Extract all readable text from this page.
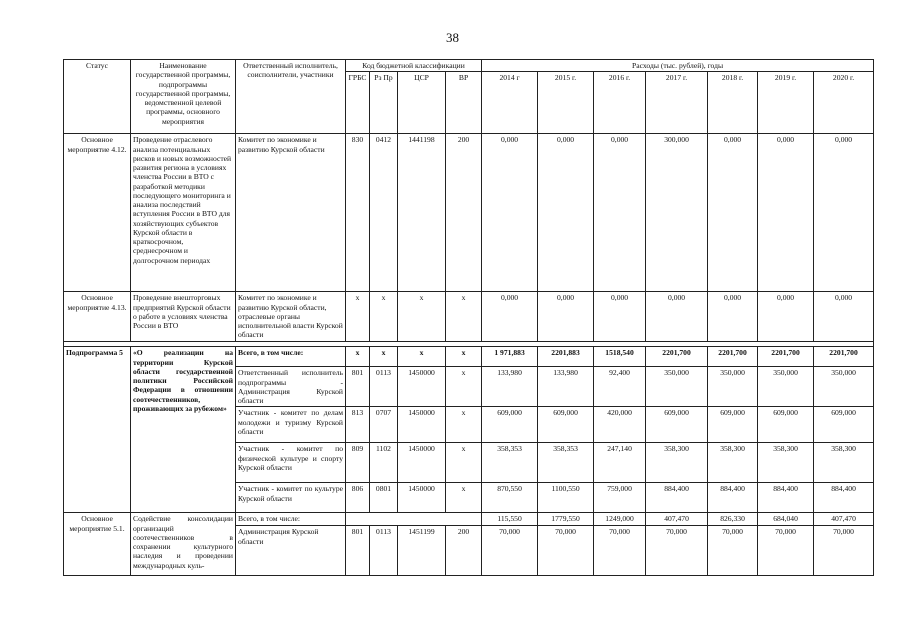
38
Статус	Наименование государственной программы, подпрограммы государственной программы, ведомственной целевой программы, основного мероприятия	Ответственный исполнитель, соисполнители, участники	Код бюджетной классификации				Расходы (тыс. рублей), годы						
			ГРБС	Рз Пр	ЦСР	ВР	2014 г	2015 г.	2016 г.	2017 г.	2018 г.	2019 г.	2020 г.
Основное мероприятие 4.12.	Проведение отраслевого анализа потенциальных рисков и новых возможностей развития региона в условиях членства России в ВТО с разработкой методики последующего мониторинга и анализа последствий вступления России в ВТО для хозяйствующих субъектов Курской области в краткосрочном, среднесрочном и долгосрочном периодах	Комитет по экономике и развитию Курской области	830	0412	1441198	200	0,000	0,000	0,000	300,000	0,000	0,000	0,000
Основное мероприятие 4.13.	Проведение внешторговых предприятий Курской области о работе в условиях членства России в ВТО	Комитет по экономике и развитию Курской области, отраслевые органы исполнительной власти Курской области	х	х	х	х	0,000	0,000	0,000	0,000	0,000	0,000	0,000

Подпрограмма 5	«О реализации на территории Курской области государственной политики Российской Федерации в отношении соотечественников, проживающих за рубежом»	Всего, в том числе:	х	х	х	х	1 971,883	2201,883	1518,540	2201,700	2201,700	2201,700	2201,700
		Ответственный исполнитель подпрограммы - Администрация Курской области	801	0113	1450000	х	133,980	133,980	92,400	350,000	350,000	350,000	350,000
		Участник - комитет по делам молодежи и туризму Курской области	813	0707	1450000	х	609,000	609,000	420,000	609,000	609,000	609,000	609,000
		Участник - комитет по физической культуре и спорту Курской области	809	1102	1450000	х	358,353	358,353	247,140	358,300	358,300	358,300	358,300
		Участник - комитет по культуре Курской области	806	0801	1450000	х	870,550	1100,550	759,000	884,400	884,400	884,400	884,400
Основное мероприятие 5.1.	Содействие консолидации организаций соотечественников в сохранении культурного наследия и проведении международных куль-	Всего, в том числе:					115,550	1779,550	1249,000	407,470	826,330	684,040	407,470
		Администрация Курской области	801	0113	1451199	200	70,000	70,000	70,000	70,000	70,000	70,000	70,000
